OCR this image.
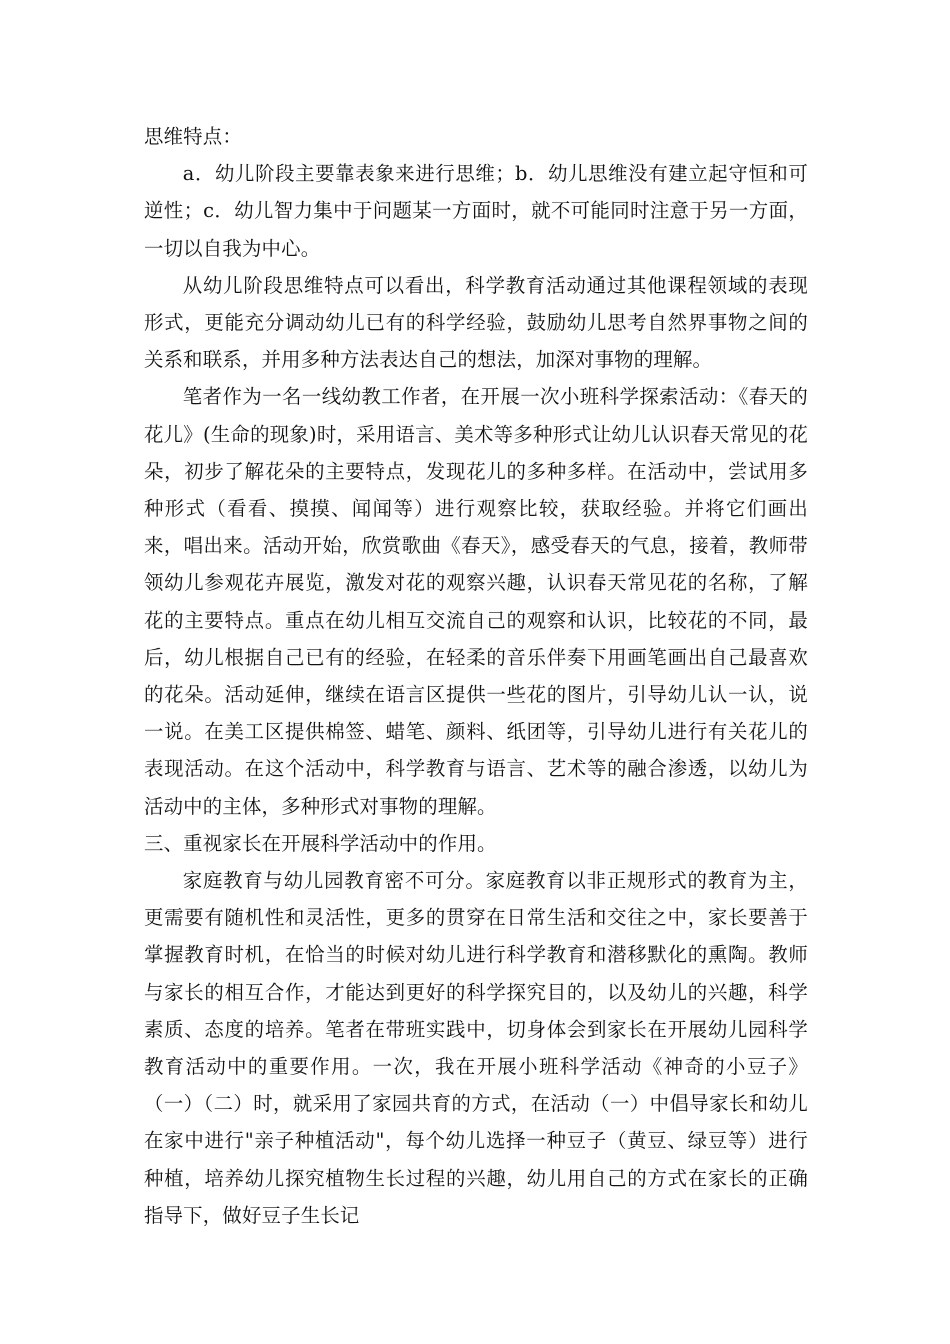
思维特点：

a．幼儿阶段主要靠表象来进行思维；b．幼儿思维没有建立起守恒和可逆性；c．幼儿智力集中于问题某一方面时，就不可能同时注意于另一方面，一切以自我为中心。

从幼儿阶段思维特点可以看出，科学教育活动通过其他课程领域的表现形式，更能充分调动幼儿已有的科学经验，鼓励幼儿思考自然界事物之间的关系和联系，并用多种方法表达自己的想法，加深对事物的理解。

笔者作为一名一线幼教工作者，在开展一次小班科学探索活动：《春天的花儿》(生命的现象)时，采用语言、美术等多种形式让幼儿认识春天常见的花朵，初步了解花朵的主要特点，发现花儿的多种多样。在活动中，尝试用多种形式（看看、摸摸、闻闻等）进行观察比较，获取经验。并将它们画出来，唱出来。活动开始，欣赏歌曲《春天》，感受春天的气息，接着，教师带领幼儿参观花卉展览，激发对花的观察兴趣，认识春天常见花的名称，了解花的主要特点。重点在幼儿相互交流自己的观察和认识，比较花的不同，最后，幼儿根据自己已有的经验，在轻柔的音乐伴奏下用画笔画出自己最喜欢的花朵。活动延伸，继续在语言区提供一些花的图片，引导幼儿认一认，说一说。在美工区提供棉签、蜡笔、颜料、纸团等，引导幼儿进行有关花儿的表现活动。在这个活动中，科学教育与语言、艺术等的融合渗透，以幼儿为活动中的主体，多种形式对事物的理解。

三、重视家长在开展科学活动中的作用。

家庭教育与幼儿园教育密不可分。家庭教育以非正规形式的教育为主，更需要有随机性和灵活性，更多的贯穿在日常生活和交往之中，家长要善于掌握教育时机，在恰当的时候对幼儿进行科学教育和潜移默化的熏陶。教师与家长的相互合作，才能达到更好的科学探究目的，以及幼儿的兴趣，科学素质、态度的培养。笔者在带班实践中，切身体会到家长在开展幼儿园科学教育活动中的重要作用。一次，我在开展小班科学活动《神奇的小豆子》（一）（二）时，就采用了家园共育的方式，在活动（一）中倡导家长和幼儿在家中进行"亲子种植活动"，每个幼儿选择一种豆子（黄豆、绿豆等）进行种植，培养幼儿探究植物生长过程的兴趣，幼儿用自己的方式在家长的正确指导下，做好豆子生长记
